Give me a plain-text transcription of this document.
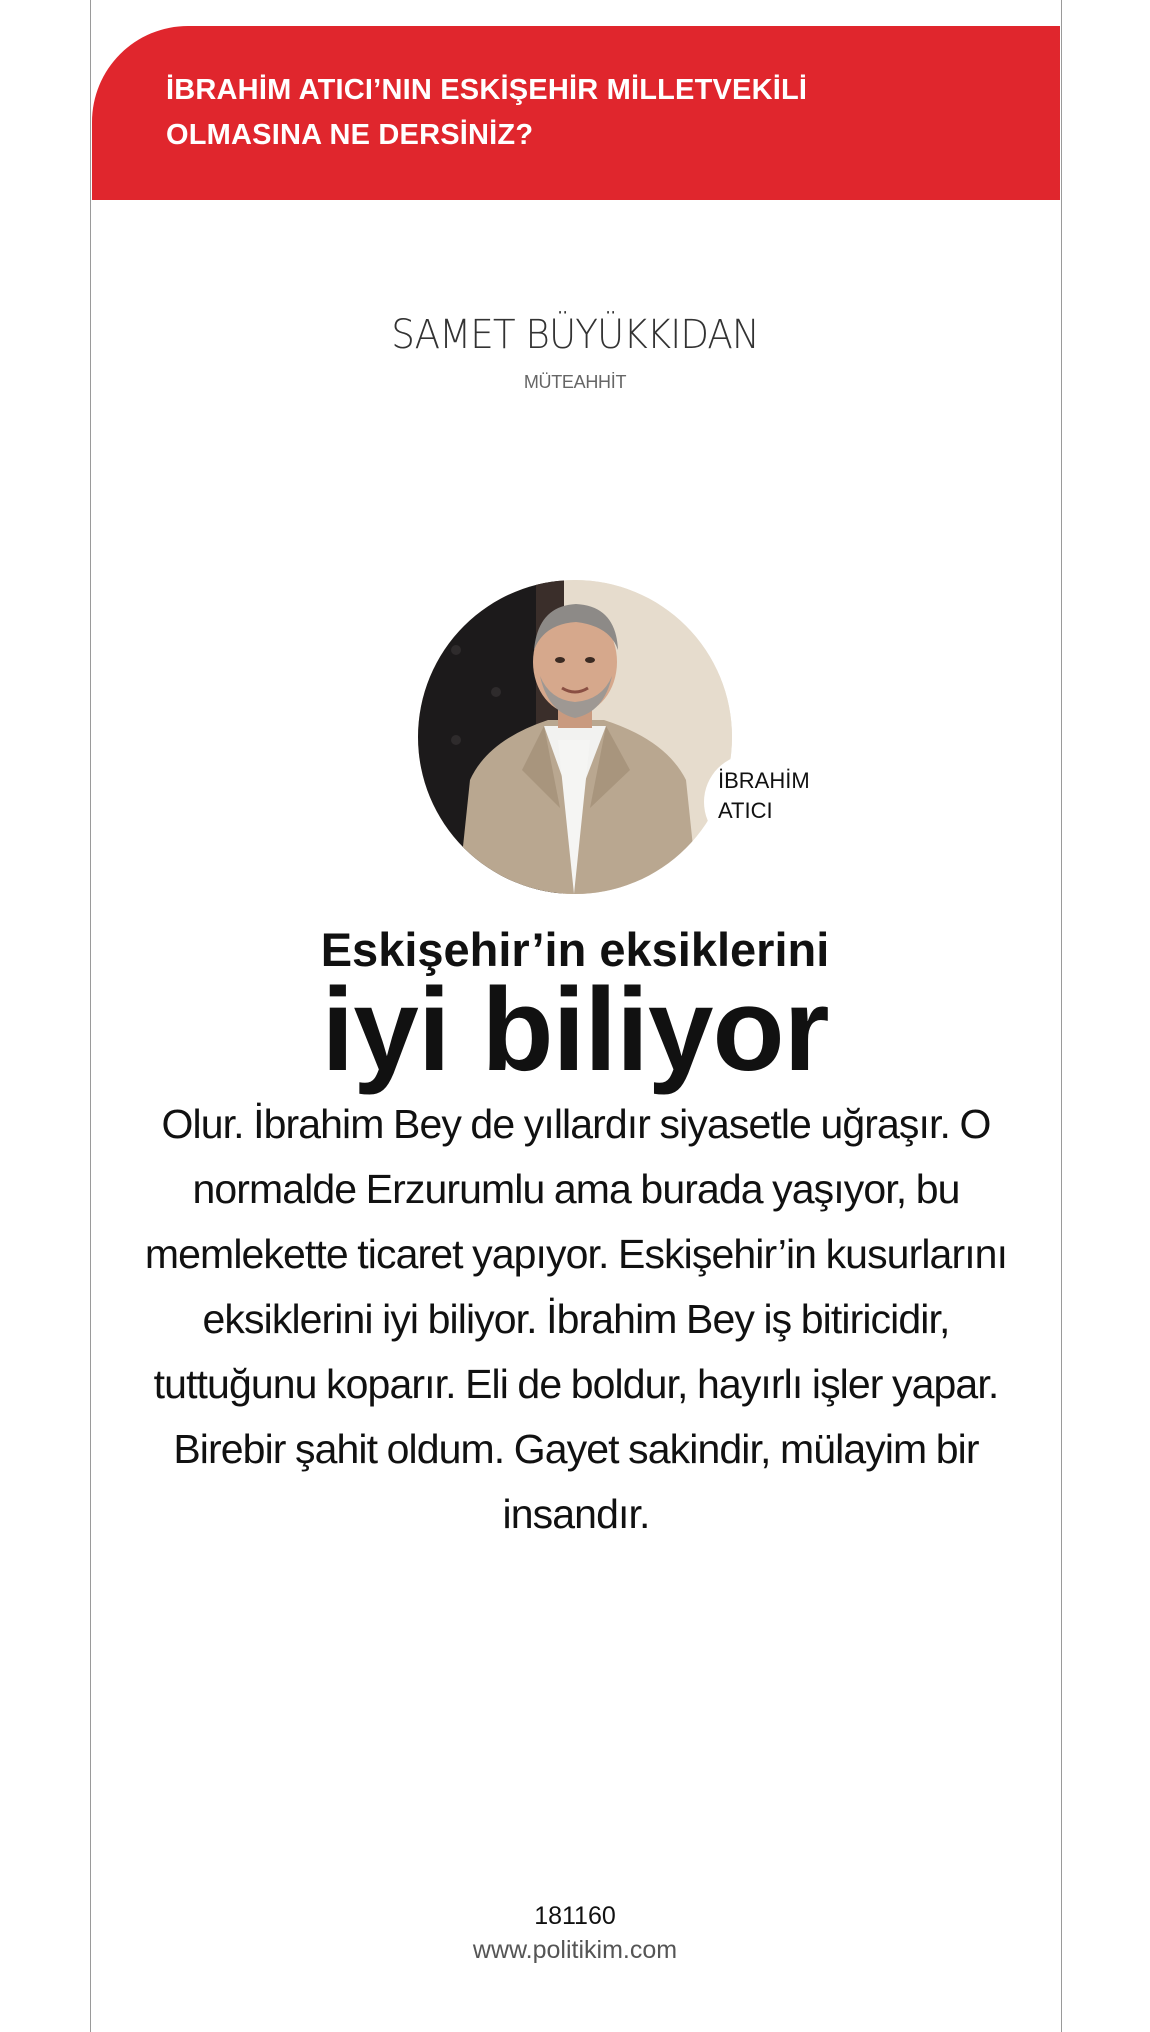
İBRAHİM ATICI’NIN ESKİŞEHİR MİLLETVEKİLİ
OLMASINA NE DERSİNİZ?
SAMET BÜYÜKKIDAN
MÜTEAHHİT
İBRAHİM
ATICI
Eskişehir’in eksiklerini
iyi biliyor
Olur. İbrahim Bey de yıllardır siyasetle uğraşır. O normalde Erzurumlu ama burada yaşıyor, bu memlekette ticaret yapıyor. Eskişehir’in kusurlarını eksiklerini iyi biliyor. İbrahim Bey iş bitiricidir, tuttuğunu koparır. Eli de boldur, hayırlı işler yapar. Birebir şahit oldum. Gayet sakindir, mülayim bir insandır.
181160
www.politikim.com
